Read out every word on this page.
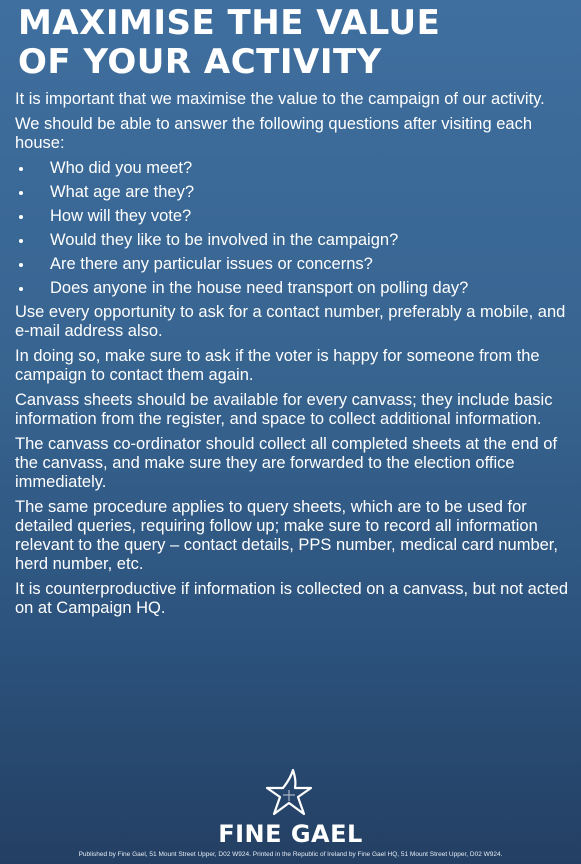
MAXIMISE THE VALUE
OF YOUR ACTIVITY

It is important that we maximise the value to the campaign of our activity.

We should be able to answer the following questions after visiting each house:

Who did you meet?
What age are they?
How will they vote?
Would they like to be involved in the campaign?
Are there any particular issues or concerns?
Does anyone in the house need transport on polling day?

Use every opportunity to ask for a contact number, preferably a mobile, and e-mail address also.

In doing so, make sure to ask if the voter is happy for someone from the campaign to contact them again.

Canvass sheets should be available for every canvass; they include basic information from the register, and space to collect additional information.

The canvass co-ordinator should collect all completed sheets at the end of the canvass, and make sure they are forwarded to the election office immediately.

The same procedure applies to query sheets, which are to be used for detailed queries, requiring follow up; make sure to record all information relevant to the query – contact details, PPS number, medical card number, herd number, etc.

It is counterproductive if information is collected on a canvass, but not acted on at Campaign HQ.

FINE GAEL
Published by Fine Gael, 51 Mount Street Upper, D02 W924. Printed in the Republic of Ireland by Fine Gael HQ, 51 Mount Street Upper, D02 W924.
